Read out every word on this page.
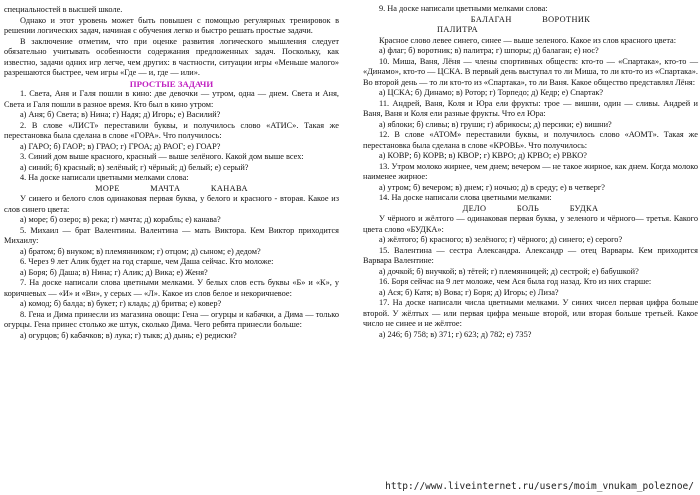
специальностей в высшей школе.

Однако и этот уровень может быть повышен с помощью регулярных тренировок в решении логических задач, начиная с обучения легко и быстро решать простые задачи.

В заключение отметим, что при оценке развития логического мышления следует обязательно учитывать особенности содержания предложенных задач. Поскольку, как известно, задачи одних игр легче, чем других: в частности, ситуации игры «Меньше малого» разрешаются быстрее, чем игры «Где — и, где — или».

ПРОСТЫЕ ЗАДАЧИ

1. Света, Аня и Галя пошли в кино: две девочки — утром, одна — днем. Света и Аня, Света и Галя пошли в разное время. Кто был в кино утром:

а) Аня; б) Света; в) Нина; г) Надя; д) Игорь; е) Василий?

2. В слове «ЛИСТ» переставили буквы, и получилось слово «АТИС». Такая же перестановка была сделана в слове «ГОРА». Что получилось:

а) ГАРО; б) ГАОР; в) ГРАО; г) ГРОА; д) РАОГ; е) ГОАР?

3. Синий дом выше красного, красный — выше зелёного. Какой дом выше всех:

а) синий; б) красный; в) зелёный; г) чёрный; д) белый; е) серый?

4. На доске написали цветными мелками слова:

МОРЕ	МАЧТА	КАНАВА

У синего и белого слов одинаковая первая буква, у белого и красного - вторая. Какое из слов синего цвета:

а) море; б) озеро; в) река; г) мачта; д) корабль; е) канава?

5. Михаил — брат Валентины. Валентина — мать Виктора. Кем Виктор приходится Михаилу:

а) братом; б) внуком; в) племянником; г) отцом; д) сыном; е) дедом?

6. Через 9 лет Алик будет на год старше, чем Даша сейчас. Кто моложе:

а) Боря; б) Даша; в) Нина; г) Алик; д) Вика; е) Женя?

7. На доске написали слова цветными мелками. У белых слов есть буквы «Б» и «К», у коричневых — «И» и «Вн», у серых — «Л». Какое из слов белое и некоричневое:

а) комод; б) балда; в) букет; г) кладь; д) бритва; е) ковер?

8. Гена и Дима принесли из магазина овощи: Гена — огурцы и кабачки, а Дима — только огурцы. Гена принес столько же штук, сколько Дима. Чего ребята принесли больше:

а) огурцов; б) кабачков; в) лука; г) тыкв; д) дынь; е) редиски?

9. На доске написали цветными мелками слова:

БАЛАГАН	ВОРОТНИК

ПАЛИТРА

Красное слово левее синего, синее — выше зеленого. Какое из слов красного цвета:

а) флаг; б) воротник; в) палитра; г) шпоры; д) балаган; е) нос?

10. Миша, Ваня, Лёня — члены спортивных обществ: кто-то — «Спартака», кто-то — «Динамо», кто-то — ЦСКА. В первый день выступал то ли Миша, то ли кто-то из «Спартака». Во второй день — то ли кто-то из «Спартака», то ли Ваня. Какое общество представлял Лёня:

а) ЦСКА; б) Динамо; в) Ротор; г) Торпедо; д) Кедр; е) Спартак?

11. Андрей, Ваня, Коля и Юра ели фрукты: трое — вишни, один — сливы. Андрей и Ваня, Ваня и Коля ели разные фрукты. Что ел Юра:

а) яблоки; б) сливы; в) груши; г) абрикосы; д) персики; е) вишни?

12. В слове «АТОМ» переставили буквы, и получилось слово «АОМТ». Такая же перестановка была сделана в слове «КРОВЬ». Что получилось:

а) КОВР; б) КОРВ; в) КВОР; г) КВРО; д) КРВО; е) РВКО?

13. Утром молоко жирнее, чем днем; вечером — не такое жирное, как днем. Когда молоко наименее жирное:

а) утром; б) вечером; в) днем; г) ночью; д) в среду; е) в четверг?

14. На доске написали слова цветными мелками:

ДЕЛО	БОЛЬ	БУДКА

У чёрного и жёлтого — одинаковая первая буква, у зеленого и чёрного— третья. Какого цвета слово «БУДКА»:

а) жёлтого; б) красного; в) зелёного; г) чёрного; д) синего; е) серого?

15. Валентина — сестра Александра. Александр — отец Варвары. Кем приходится Варвара Валентине:

а) дочкой; б) внучкой; в) тётей; г) племянницей; д) сестрой; е) бабушкой?

16. Боря сейчас на 9 лет моложе, чем Ася была год назад. Кто из них старше:

а) Ася; б) Катя; в) Вова; г) Боря; д) Игорь; е) Лиза?

17. На доске написали числа цветными мелками. У синих чисел первая цифра больше второй. У жёлтых — или первая цифра меньше второй, или вторая больше третьей. Какое число не синее и не жёлтое:

а) 246; б) 758; в) 371; г) 623; д) 782; е) 735?

http://www.liveinternet.ru/users/moim_vnukam_poleznoe/
